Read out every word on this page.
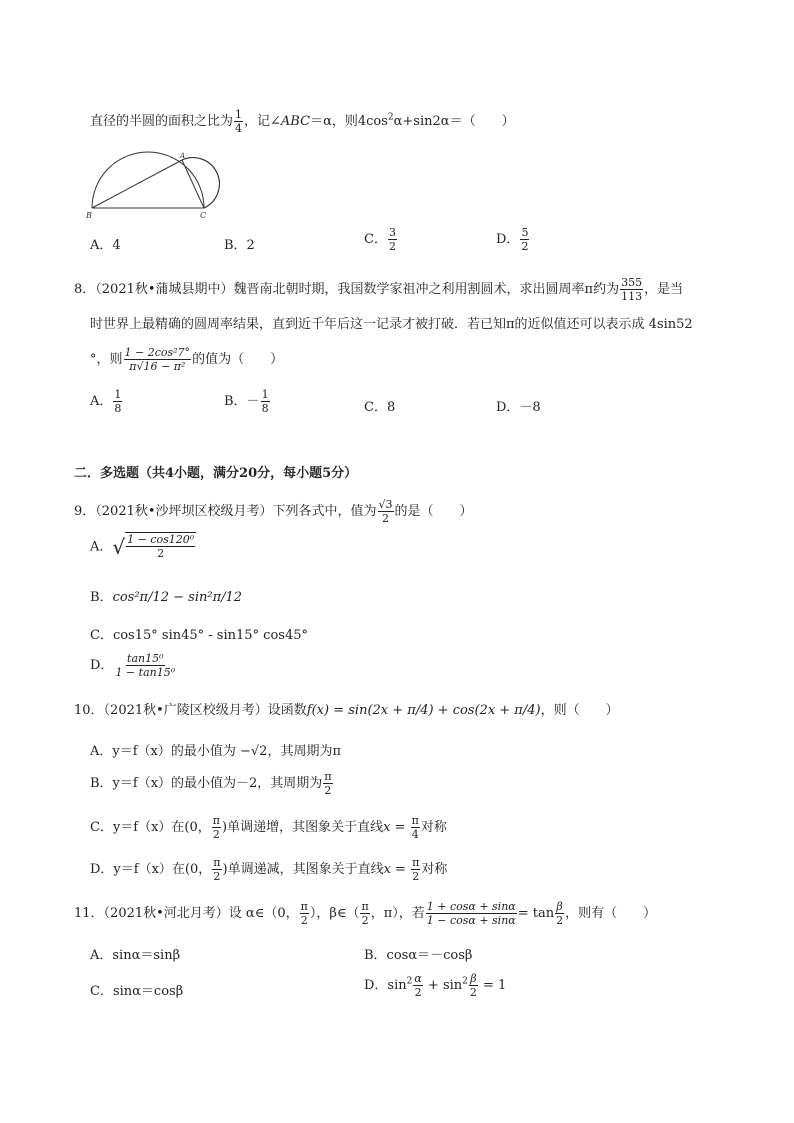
直径的半圆的面积之比为 $\frac{1}{4}$ ，记∠ABC＝α，则$4\cos^2\alpha+\sin 2\alpha=$（　　）
B	C
A
A．4	B．2	C． $\frac{3}{2}$	D． $\frac{5}{2}$
8．（2021秋•蒲城县期中）魏晋南北朝时期，我国数学家祖冲之利用割圆术，求出圆周率π约为 $\frac{355}{113}$ ，是当
时世界上最精确的圆周率结果，直到近千年后这一记录才被打破．若已知π的近似值还可以表示成 4sin52
°，则 $\frac{\text{1 − 2cos²7°}}{\text{π√16 − π²}}$ 的值为（　　）
A． $\frac{1}{8}$	B．－ $\frac{1}{8}$	C．8	D．－8
二．多选题（共4小题，满分20分，每小题5分）
9．（2021秋•沙坪坝区校级月考）下列各式中，值为 $\frac{√3}{2}$ 的是（　　）
A． √ $\frac{\text{1 − cos120⁰}}{2}$
B．cos²π/12 − sin²π/12
C．cos15° sin45° - sin15° cos45°
D． $\frac{\text{tan15⁰}}{\text{1 − tan15⁰}}$
10．（2021秋•广陵区校级月考）设函数f(x) = sin(2x + π/4) + cos(2x + π/4)，则（　　）
A．y＝f（x）的最小值为 −√2，其周期为π
B．y＝f（x）的最小值为－2，其周期为 $\frac{\pi}{2}$
C．y＝f（x）在(0， $\frac{\pi}{2}$ )单调递增，其图象关于直线$x = \frac{\pi}{4}$ 对称
D．y＝f（x）在(0， $\frac{\pi}{2}$ )单调递减，其图象关于直线$x = \frac{\pi}{2}$ 对称
11．（2021秋•河北月考）设 α∈（0， $\frac{\pi}{2}$ ），β∈（ $\frac{\pi}{2}$ ，π），若 $\frac{1 + \cos\alpha + \sin\alpha}{1 - \cos\alpha + \sin\alpha} = \tan \frac{\beta}{2}$ ，则有（　　）
A．sinα＝sinβ	B．cosα＝－cosβ
C．sinα＝cosβ	D．$\sin^2 \frac{\alpha}{2} + \sin^2 \frac{\beta}{2} = 1$
